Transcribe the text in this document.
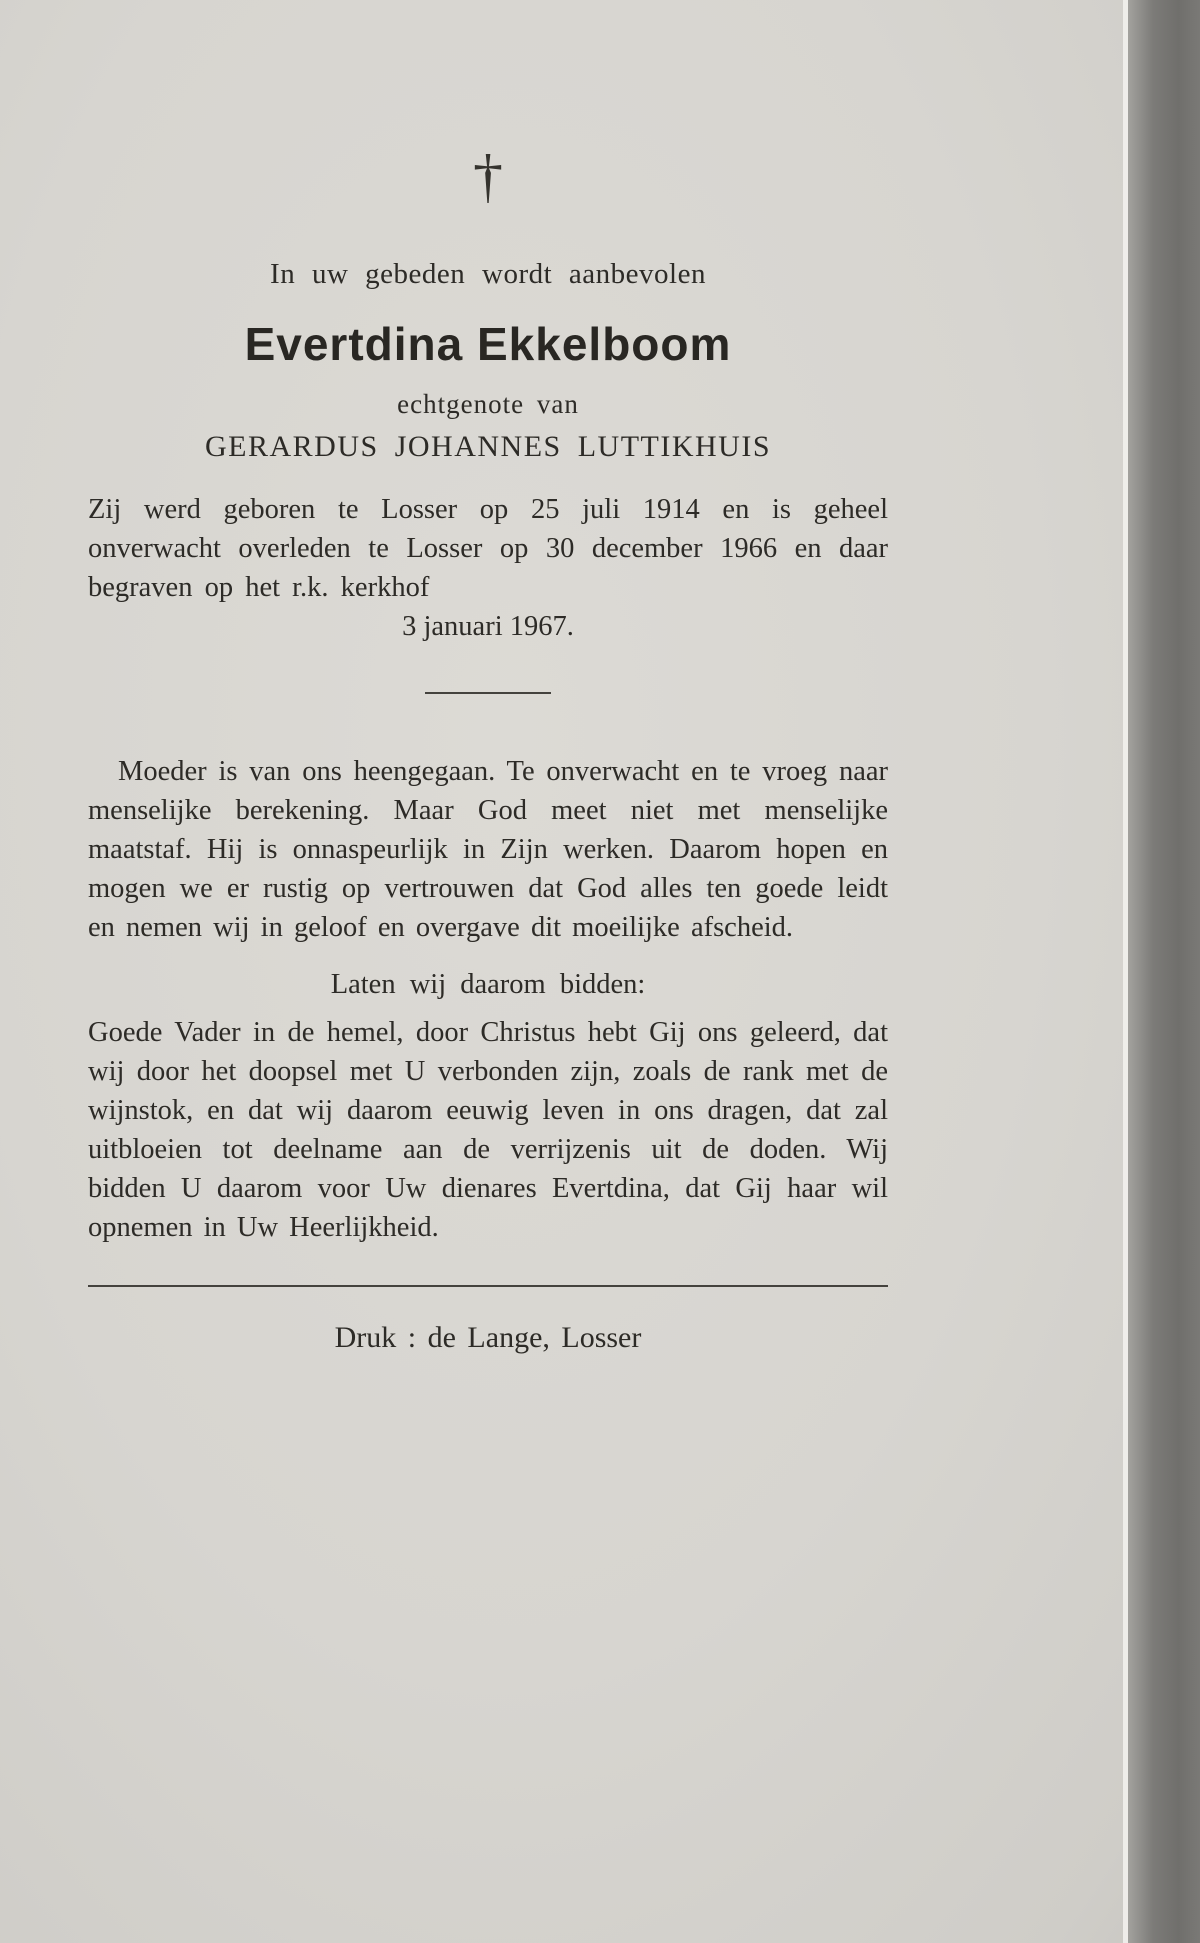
†
In uw gebeden wordt aanbevolen
Evertdina Ekkelboom
echtgenote van
GERARDUS JOHANNES LUTTIKHUIS

Zij werd geboren te Losser op 25 juli 1914 en is geheel onverwacht overleden te Losser op 30 december 1966 en daar begraven op het r.k. kerkhof

3 januari 1967.

Moeder is van ons heengegaan. Te onverwacht en te vroeg naar menselijke berekening. Maar God meet niet met menselijke maatstaf. Hij is onnaspeurlijk in Zijn werken. Daarom hopen en mogen we er rustig op vertrouwen dat God alles ten goede leidt en nemen wij in geloof en overgave dit moeilijke afscheid.

Laten wij daarom bidden:

Goede Vader in de hemel, door Christus hebt Gij ons geleerd, dat wij door het doopsel met U verbonden zijn, zoals de rank met de wijnstok, en dat wij daarom eeuwig leven in ons dragen, dat zal uitbloeien tot deelname aan de verrijzenis uit de doden. Wij bidden U daarom voor Uw dienares Evertdina, dat Gij haar wil opnemen in Uw Heerlijkheid.

Druk : de Lange, Losser
